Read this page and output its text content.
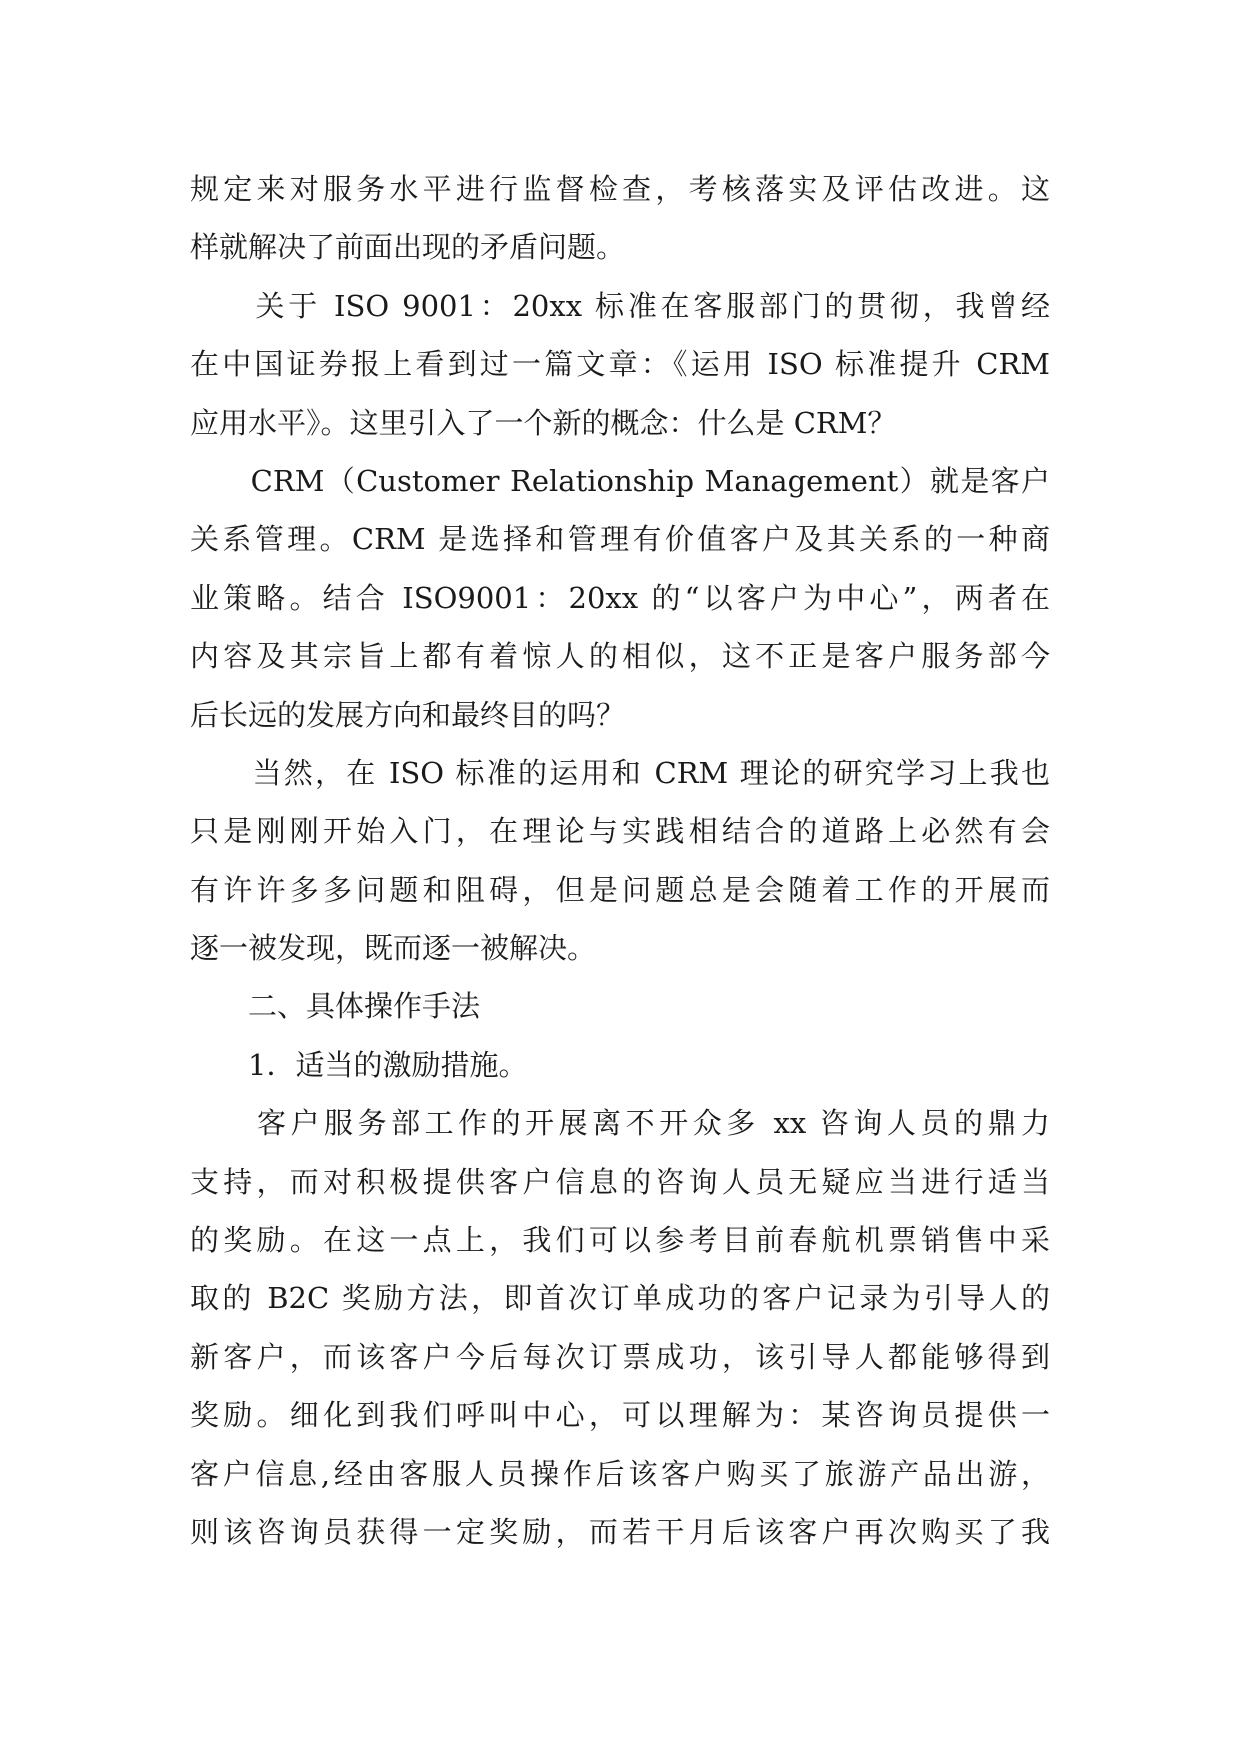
规定来对服务水平进行监督检查，考核落实及评估改进。这
样就解决了前面出现的矛盾问题。
　　关于 ISO 9001：20xx 标准在客服部门的贯彻，我曾经
在中国证券报上看到过一篇文章：《运用 ISO 标准提升 CRM
应用水平》。这里引入了一个新的概念：什么是 CRM？
　　CRM（Customer Relationship Management）就是客户
关系管理。CRM 是选择和管理有价值客户及其关系的一种商
业策略。结合 ISO9001：20xx 的“以客户为中心”，两者在
内容及其宗旨上都有着惊人的相似，这不正是客户服务部今
后长远的发展方向和最终目的吗？
　　当然，在 ISO 标准的运用和 CRM 理论的研究学习上我也
只是刚刚开始入门，在理论与实践相结合的道路上必然有会
有许许多多问题和阻碍，但是问题总是会随着工作的开展而
逐一被发现，既而逐一被解决。
　　二、具体操作手法
　　1．适当的激励措施。
　　客户服务部工作的开展离不开众多 xx 咨询人员的鼎力
支持，而对积极提供客户信息的咨询人员无疑应当进行适当
的奖励。在这一点上，我们可以参考目前春航机票销售中采
取的 B2C 奖励方法，即首次订单成功的客户记录为引导人的
新客户，而该客户今后每次订票成功，该引导人都能够得到
奖励。细化到我们呼叫中心，可以理解为：某咨询员提供一
客户信息,经由客服人员操作后该客户购买了旅游产品出游，
则该咨询员获得一定奖励，而若干月后该客户再次购买了我
